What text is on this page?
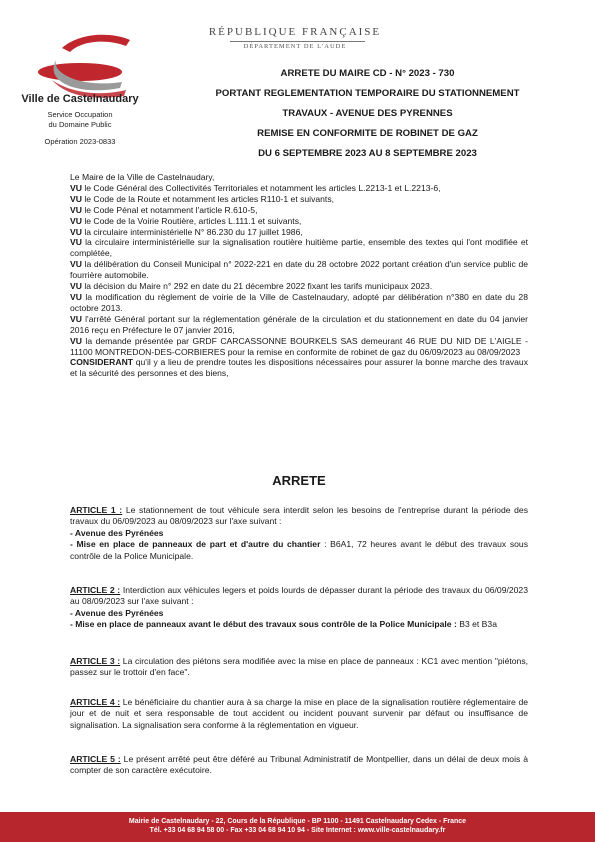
RÉPUBLIQUE FRANÇAISE
DÉPARTEMENT DE L'AUDE
Ville de Castelnaudary
Service Occupation
du Domaine Public
Opération 2023-0833
ARRETE DU MAIRE CD - N° 2023 - 730
PORTANT REGLEMENTATION TEMPORAIRE DU STATIONNEMENT
TRAVAUX - AVENUE DES PYRENNES
REMISE EN CONFORMITE DE ROBINET DE GAZ
DU 6 SEPTEMBRE 2023 AU 8 SEPTEMBRE 2023

Le Maire de la Ville de Castelnaudary,

VU le Code Général des Collectivités Territoriales et notamment les articles L.2213-1 et L.2213-6,

VU le Code de la Route et notamment les articles R110-1 et suivants,

VU le Code Pénal et notamment l'article R.610-5,

VU le Code de la Voirie Routière, articles L.111.1 et suivants,

VU la circulaire interministérielle N° 86.230 du 17 juillet 1986,

VU la circulaire interministérielle sur la signalisation routière huitième partie, ensemble des textes qui l'ont modifiée et complétée,

VU la délibération du Conseil Municipal n° 2022-221 en date du 28 octobre 2022 portant création d'un service public de fourrière automobile.

VU la décision du Maire n° 292 en date du 21 décembre 2022 fixant les tarifs municipaux 2023.

VU la modification du règlement de voirie de la Ville de Castelnaudary, adopté par délibération n°380 en date du 28 octobre 2013.

VU l'arrêté Général portant sur la réglementation générale de la circulation et du stationnement en date du 04 janvier 2016 reçu en Préfecture le 07 janvier 2016,

VU la demande présentée par GRDF CARCASSONNE BOURKELS SAS demeurant 46 RUE DU NID DE L'AIGLE - 11100 MONTREDON-DES-CORBIERES pour la remise en conformite de robinet de gaz du 06/09/2023 au 08/09/2023

CONSIDERANT qu'il y a lieu de prendre toutes les dispositions nécessaires pour assurer la bonne marche des travaux et la sécurité des personnes et des biens,

ARRETE

ARTICLE 1 : Le stationnement de tout véhicule sera interdit selon les besoins de l'entreprise durant la période des travaux du 06/09/2023 au 08/09/2023 sur l'axe suivant :

- Avenue des Pyrénées

- Mise en place de panneaux de part et d'autre du chantier : B6A1, 72 heures avant le début des travaux sous contrôle de la Police Municipale.

ARTICLE 2 : Interdiction aux véhicules legers et poids lourds de dépasser durant la période des travaux du 06/09/2023 au 08/09/2023 sur l'axe suivant :

- Avenue des Pyrénées

- Mise en place de panneaux avant le début des travaux sous contrôle de la Police Municipale : B3 et B3a

ARTICLE 3 : La circulation des piétons sera modifiée avec la mise en place de panneaux : KC1 avec mention "piétons, passez sur le trottoir d'en face".

ARTICLE 4 : Le bénéficiaire du chantier aura à sa charge la mise en place de la signalisation routière réglementaire de jour et de nuit et sera responsable de tout accident ou incident pouvant survenir par défaut ou insuffisance de signalisation. La signalisation sera conforme à la réglementation en vigueur.

ARTICLE 5 : Le présent arrêté peut être déféré au Tribunal Administratif de Montpellier, dans un délai de deux mois à compter de son caractère exécutoire.

Mairie de Castelnaudary - 22, Cours de la République - BP 1100 - 11491 Castelnaudary Cedex - France
Tél. +33 04 68 94 58 00 - Fax +33 04 68 94 10 94 - Site Internet : www.ville-castelnaudary.fr
